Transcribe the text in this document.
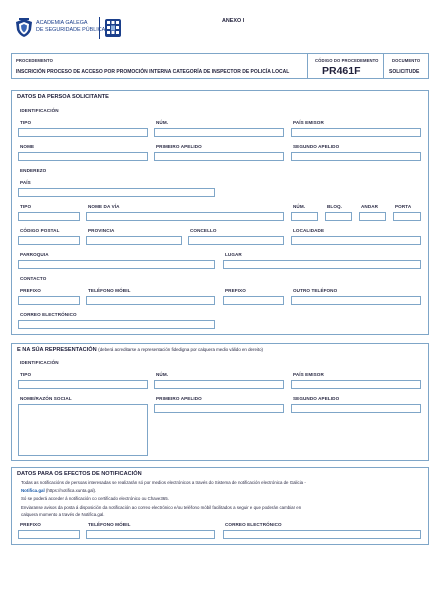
ACADEMIA GALEGA
DE SEGURIDADE PÚBLICA
ANEXO I
PROCEDEMENTO
INSCRICIÓN PROCESO DE ACCESO POR PROMOCIÓN INTERNA CATEGORÍA DE INSPECTOR DE POLICÍA LOCAL
CÓDIGO DO PROCEDEMENTO
PR461F
DOCUMENTO
SOLICITUDE
DATOS DA PERSOA SOLICITANTE
IDENTIFICACIÓN
TIPO	NÚM.	PAÍS EMISOR
NOME	PRIMEIRO APELIDO	SEGUNDO APELIDO
ENDEREZO
PAÍS
TIPO	NOME DA VÍA	NÚM.	BLOQ.	ANDAR	PORTA
CÓDIGO POSTAL	PROVINCIA	CONCELLO	LOCALIDADE
PARROQUIA	LUGAR
CONTACTO
PREFIXO	TELÉFONO MÓBIL	PREFIXO	OUTRO TELÉFONO
CORREO ELECTRÓNICO
E NA SÚA REPRESENTACIÓN (deberá acreditarse a representación fidedigna por calquera medio válido en dereito)
IDENTIFICACIÓN
TIPO	NÚM.	PAÍS EMISOR
NOME/RAZÓN SOCIAL	PRIMEIRO APELIDO	SEGUNDO APELIDO
DATOS PARA OS EFECTOS DE NOTIFICACIÓN
Todas as notificacións de persoas interesadas se realizarán só por medios electrónicos a través do Sistema de notificación electrónica de Galicia -
Notifica.gal (https://notifica.xunta.gal).
Só se poderá acceder á notificación co certificado electrónico ou Chave365.
Enviaranse avisos da posta á disposición da notificación ao correo electrónico e/ou teléfono móbil facilitados a seguir e que poderán cambiar en
calquera momento a través de Notifica.gal.
PREFIXO	TELÉFONO MÓBIL	CORREO ELECTRÓNICO
